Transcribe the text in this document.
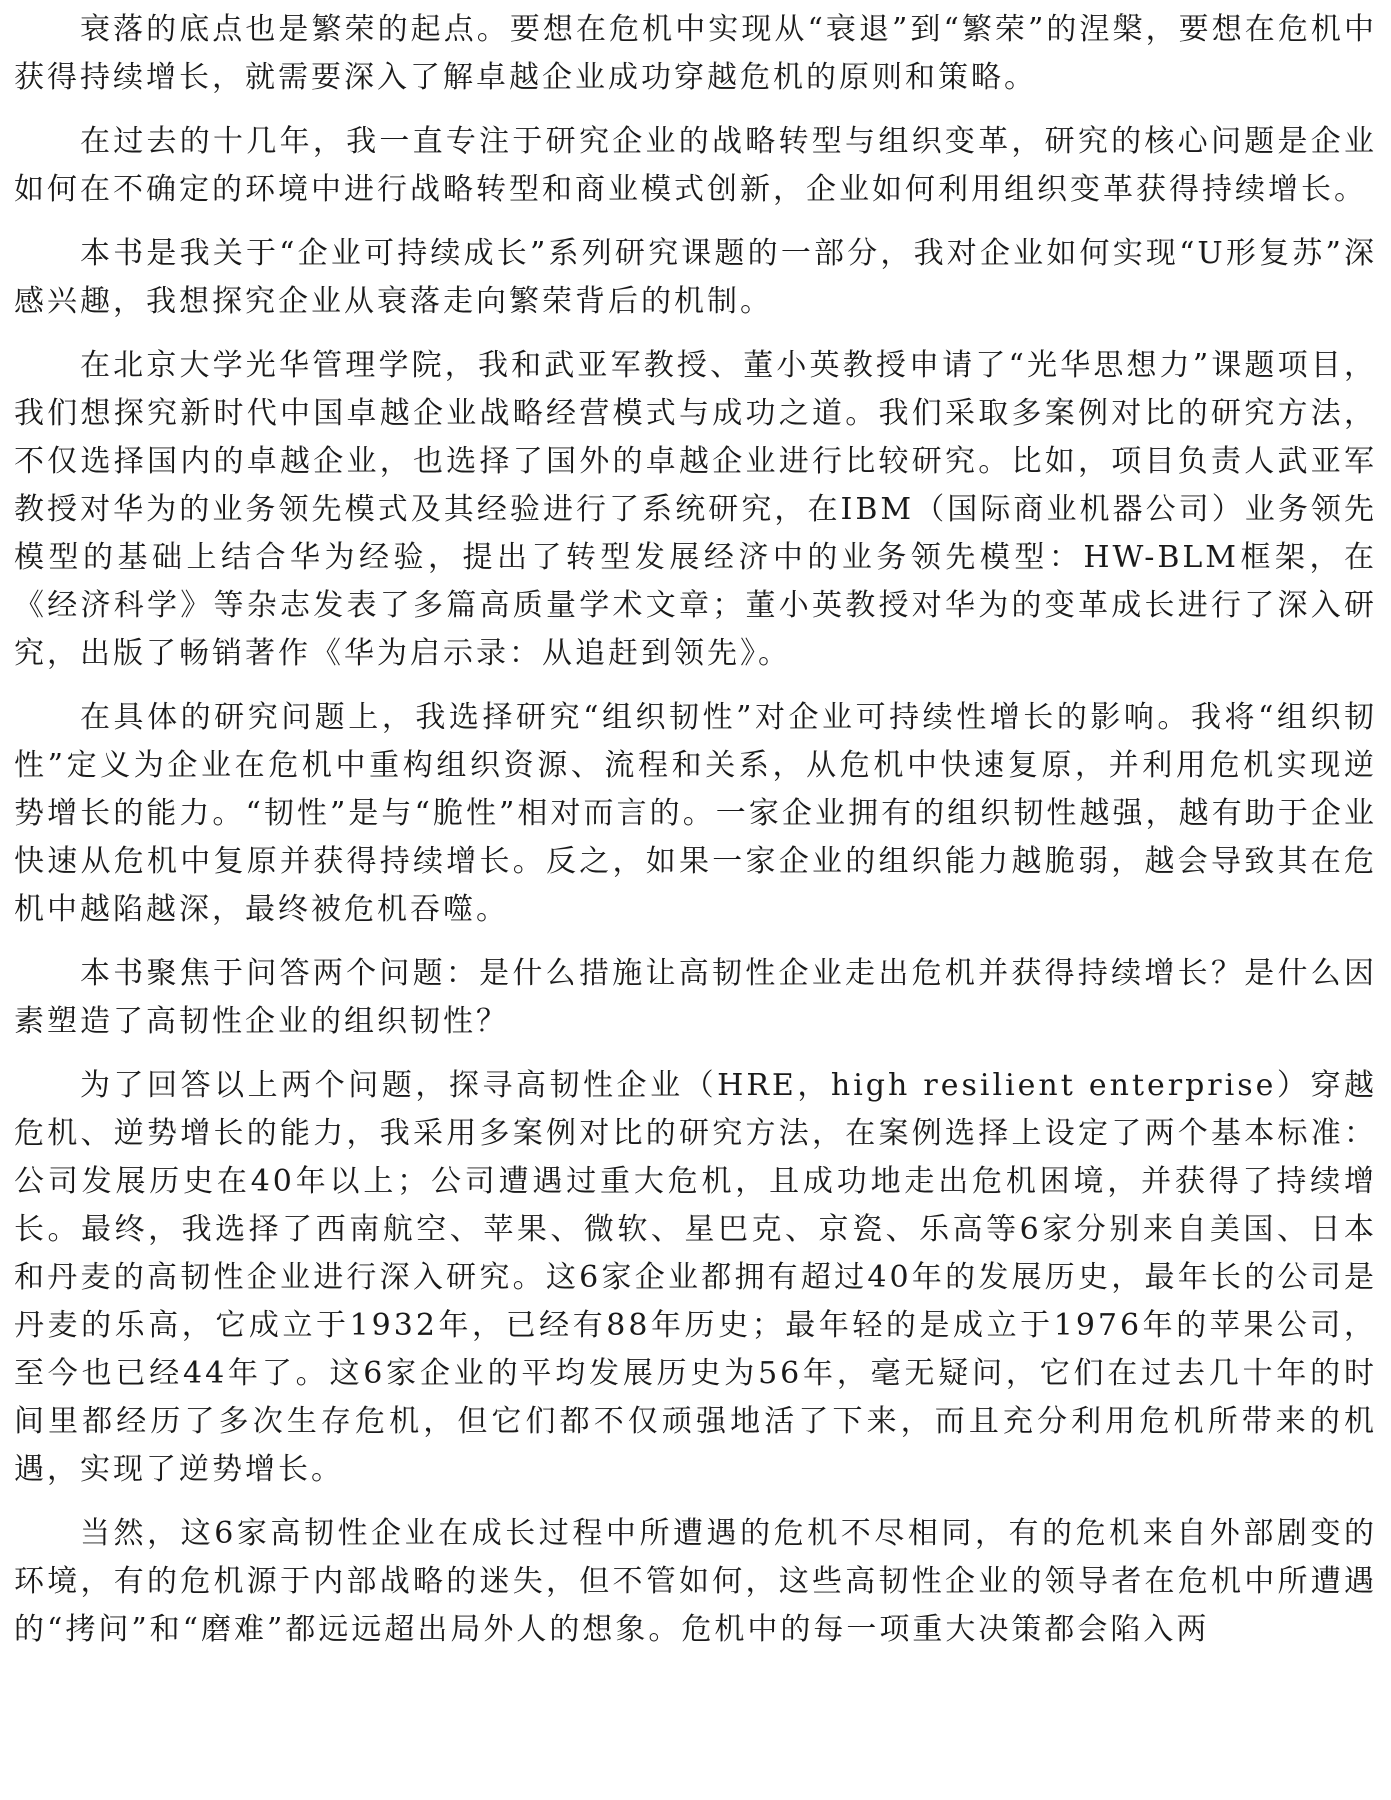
衰落的底点也是繁荣的起点。要想在危机中实现从“衰退”到“繁荣”的涅槃，要想在危机中获得持续增长，就需要深入了解卓越企业成功穿越危机的原则和策略。

在过去的十几年，我一直专注于研究企业的战略转型与组织变革，研究的核心问题是企业如何在不确定的环境中进行战略转型和商业模式创新，企业如何利用组织变革获得持续增长。

本书是我关于“企业可持续成长”系列研究课题的一部分，我对企业如何实现“U形复苏”深感兴趣，我想探究企业从衰落走向繁荣背后的机制。

在北京大学光华管理学院，我和武亚军教授、董小英教授申请了“光华思想力”课题项目，我们想探究新时代中国卓越企业战略经营模式与成功之道。我们采取多案例对比的研究方法，不仅选择国内的卓越企业，也选择了国外的卓越企业进行比较研究。比如，项目负责人武亚军教授对华为的业务领先模式及其经验进行了系统研究，在IBM（国际商业机器公司）业务领先模型的基础上结合华为经验，提出了转型发展经济中的业务领先模型：HW-BLM框架，在《经济科学》等杂志发表了多篇高质量学术文章；董小英教授对华为的变革成长进行了深入研究，出版了畅销著作《华为启示录：从追赶到领先》。

在具体的研究问题上，我选择研究“组织韧性”对企业可持续性增长的影响。我将“组织韧性”定义为企业在危机中重构组织资源、流程和关系，从危机中快速复原，并利用危机实现逆势增长的能力。“韧性”是与“脆性”相对而言的。一家企业拥有的组织韧性越强，越有助于企业快速从危机中复原并获得持续增长。反之，如果一家企业的组织能力越脆弱，越会导致其在危机中越陷越深，最终被危机吞噬。

本书聚焦于问答两个问题：是什么措施让高韧性企业走出危机并获得持续增长？是什么因素塑造了高韧性企业的组织韧性？

为了回答以上两个问题，探寻高韧性企业（HRE，high resilient enterprise）穿越危机、逆势增长的能力，我采用多案例对比的研究方法，在案例选择上设定了两个基本标准：公司发展历史在40年以上；公司遭遇过重大危机，且成功地走出危机困境，并获得了持续增长。最终，我选择了西南航空、苹果、微软、星巴克、京瓷、乐高等6家分别来自美国、日本和丹麦的高韧性企业进行深入研究。这6家企业都拥有超过40年的发展历史，最年长的公司是丹麦的乐高，它成立于1932年，已经有88年历史；最年轻的是成立于1976年的苹果公司，至今也已经44年了。这6家企业的平均发展历史为56年，毫无疑问，它们在过去几十年的时间里都经历了多次生存危机，但它们都不仅顽强地活了下来，而且充分利用危机所带来的机遇，实现了逆势增长。

当然，这6家高韧性企业在成长过程中所遭遇的危机不尽相同，有的危机来自外部剧变的环境，有的危机源于内部战略的迷失，但不管如何，这些高韧性企业的领导者在危机中所遭遇的“拷问”和“磨难”都远远超出局外人的想象。危机中的每一项重大决策都会陷入两
